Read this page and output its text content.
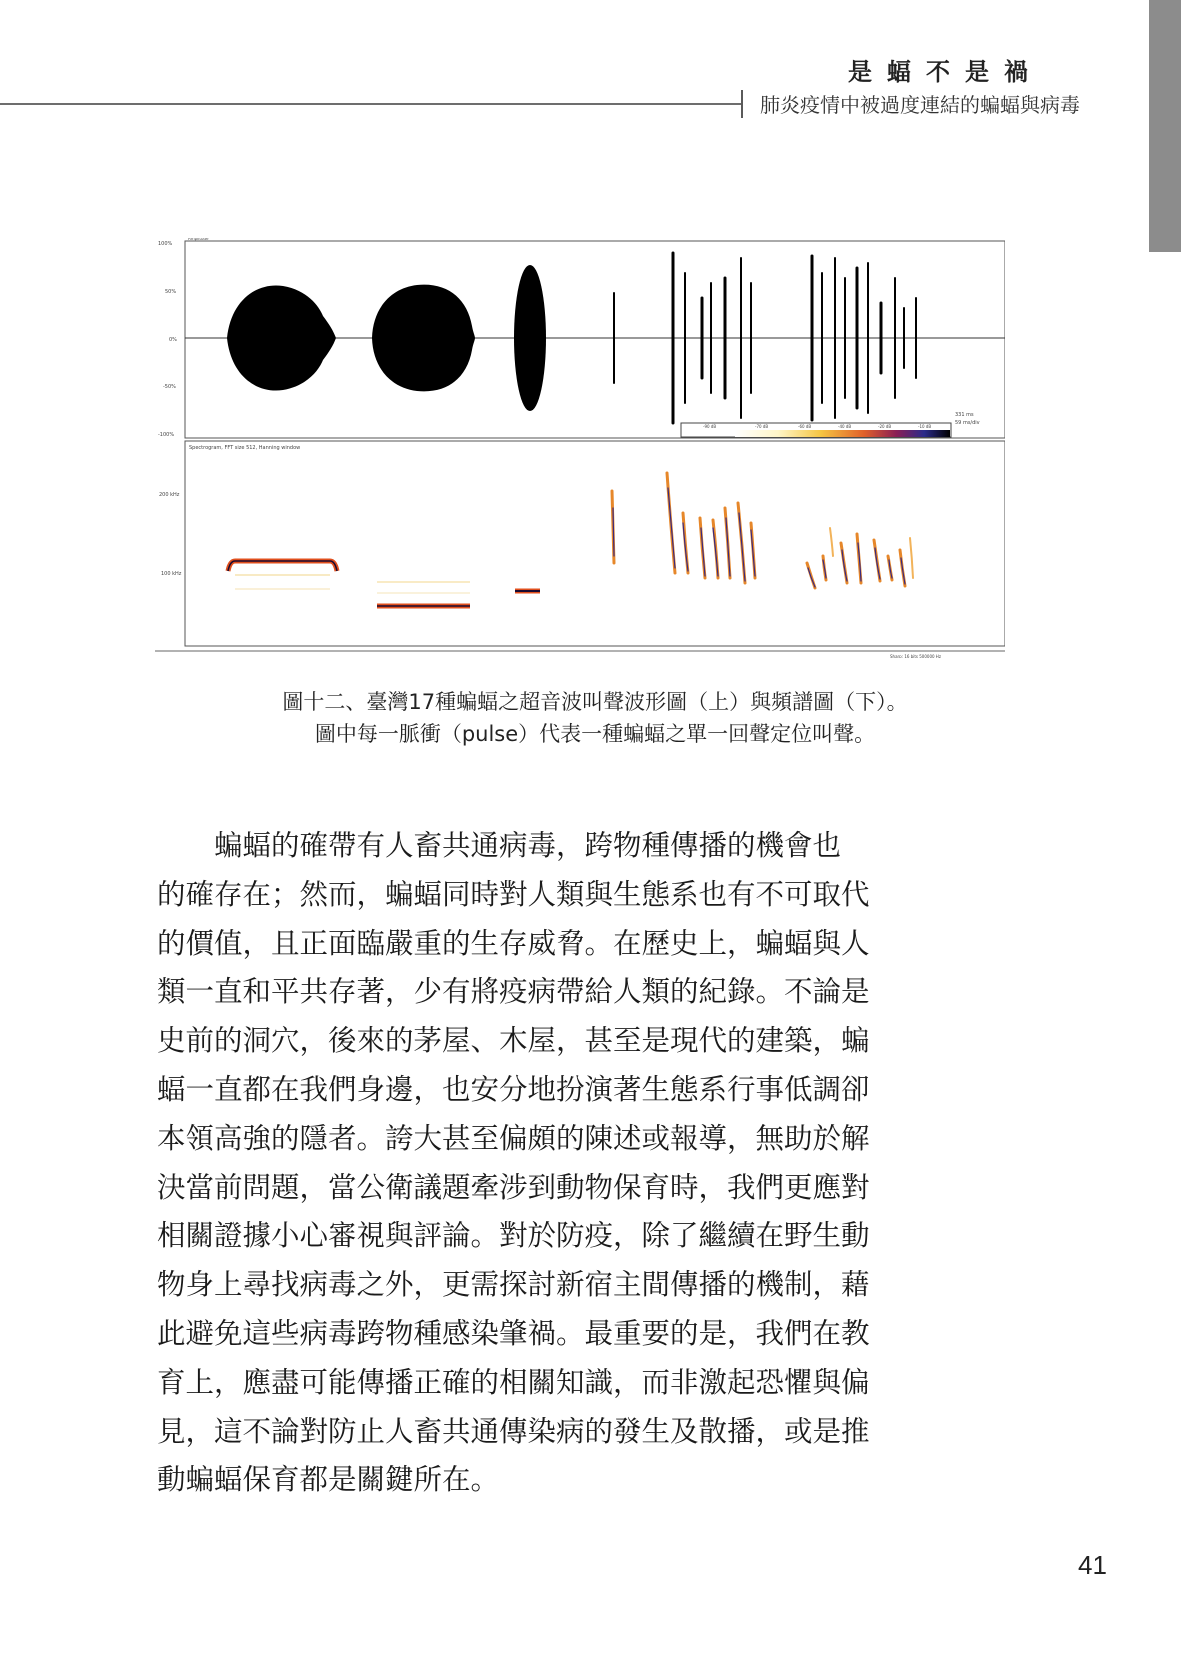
是蝠不是禍
肺炎疫情中被過度連結的蝙蝠與病毒
Amplitude
100%
50%
0%
-50%
-100%
331 ms
59 ms/div
-90 dB	-70 dB	-60 dB	-40 dB	-20 dB	-10 dB
Spectrogram, FFT size 512, Hanning window
200 kHz
100 kHz
Sharp: 16 bits 500000 Hz
圖十二、臺灣17種蝙蝠之超音波叫聲波形圖（上）與頻譜圖（下）。
圖中每一脈衝（pulse）代表一種蝙蝠之單一回聲定位叫聲。
　　蝙蝠的確帶有人畜共通病毒，跨物種傳播的機會也
的確存在；然而，蝙蝠同時對人類與生態系也有不可取代
的價值，且正面臨嚴重的生存威脅。在歷史上，蝙蝠與人
類一直和平共存著，少有將疫病帶給人類的紀錄。不論是
史前的洞穴，後來的茅屋、木屋，甚至是現代的建築，蝙
蝠一直都在我們身邊，也安分地扮演著生態系行事低調卻
本領高強的隱者。誇大甚至偏頗的陳述或報導，無助於解
決當前問題，當公衛議題牽涉到動物保育時，我們更應對
相關證據小心審視與評論。對於防疫，除了繼續在野生動
物身上尋找病毒之外，更需探討新宿主間傳播的機制，藉
此避免這些病毒跨物種感染肇禍。最重要的是，我們在教
育上，應盡可能傳播正確的相關知識，而非激起恐懼與偏
見，這不論對防止人畜共通傳染病的發生及散播，或是推
動蝙蝠保育都是關鍵所在。
41
